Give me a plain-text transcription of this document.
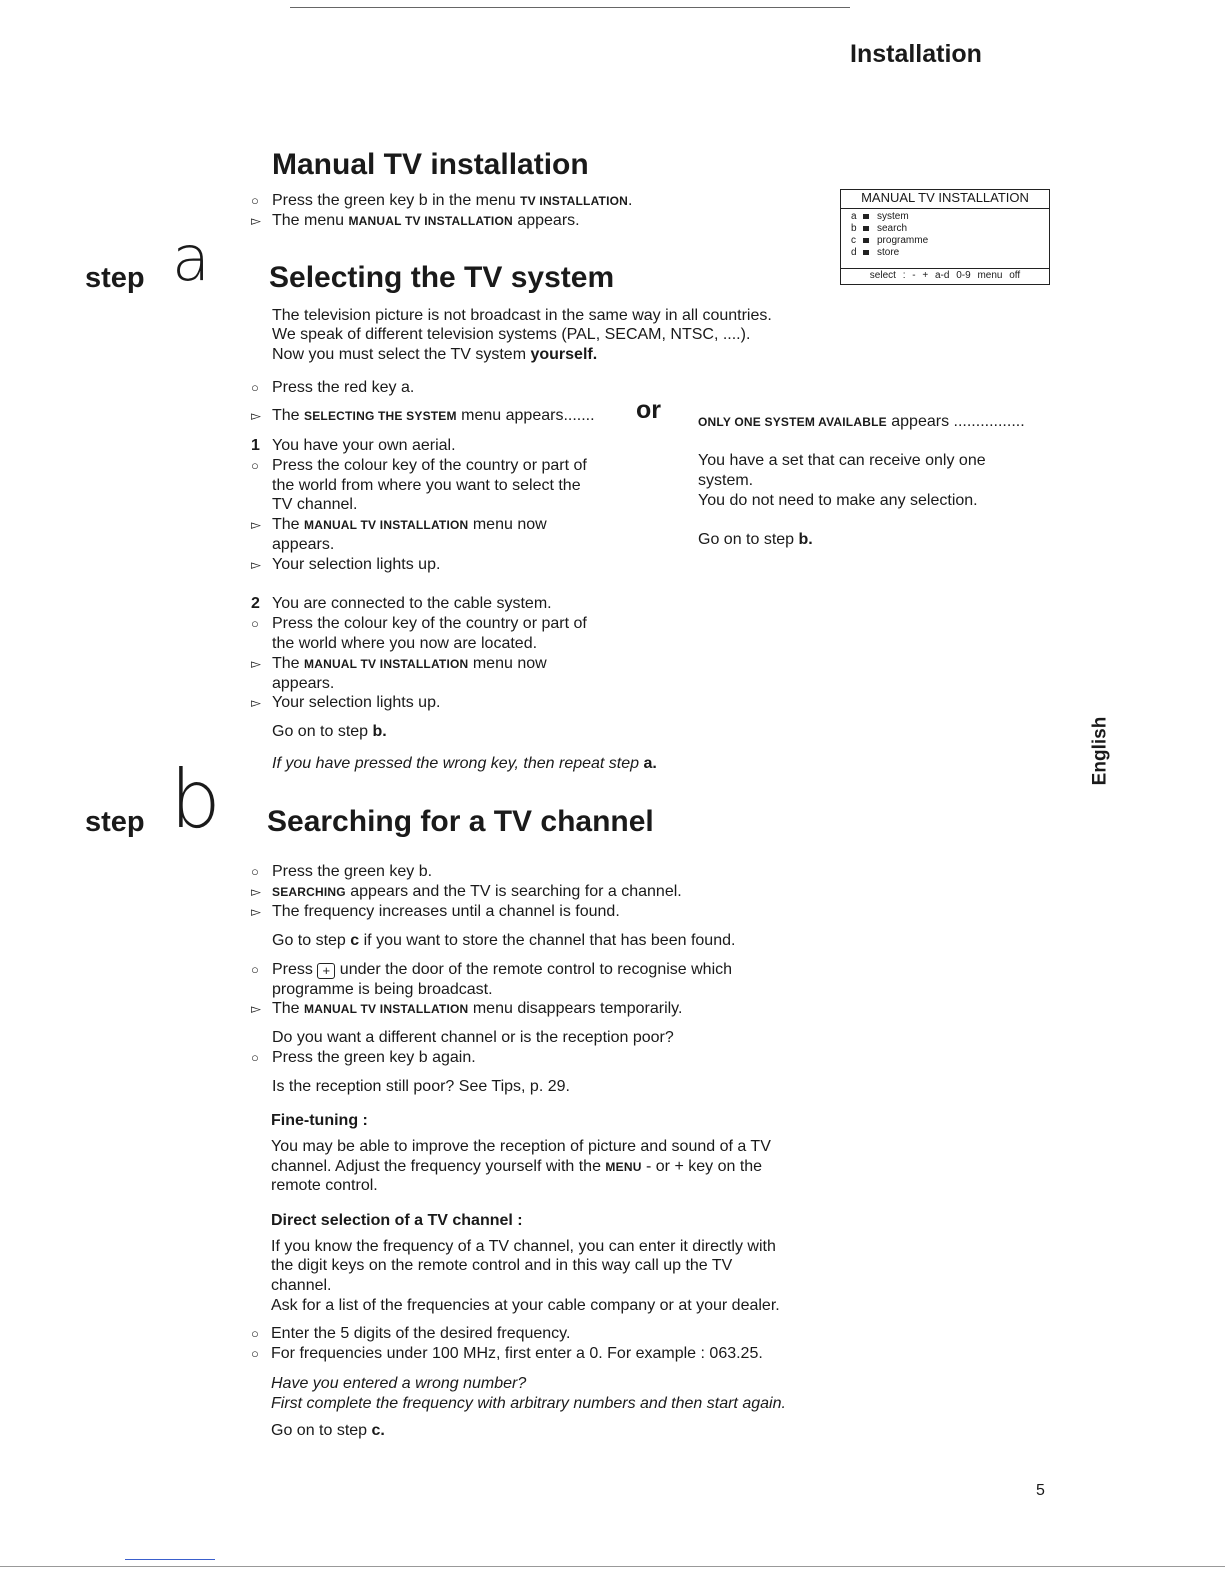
Installation
Manual TV installation
○ Press the green key b in the menu TV INSTALLATION.
▻ The menu MANUAL TV INSTALLATION appears.
MANUAL TV INSTALLATION
a system
b search
c programme
d store
select : - + a-d 0-9 menu off
step a Selecting the TV system
The television picture is not broadcast in the same way in all countries.
We speak of different television systems (PAL, SECAM, NTSC, ....).
Now you must select the TV system yourself.
○ Press the red key a.
▻ The SELECTING THE SYSTEM menu appears....... or	ONLY ONE SYSTEM AVAILABLE appears ................
You have a set that can receive only one
system.
You do not need to make any selection.
Go on to step b.
1 You have your own aerial.
○ Press the colour key of the country or part of
the world from where you want to select the
TV channel.
▻ The MANUAL TV INSTALLATION menu now
appears.
▻ Your selection lights up.
2 You are connected to the cable system.
○ Press the colour key of the country or part of
the world where you now are located.
▻ The MANUAL TV INSTALLATION menu now
appears.
▻ Your selection lights up.
Go on to step b.
If you have pressed the wrong key, then repeat step a.	English
step b Searching for a TV channel
○ Press the green key b.
▻ SEARCHING appears and the TV is searching for a channel.
▻ The frequency increases until a channel is found.
Go to step c if you want to store the channel that has been found.
○ Press + under the door of the remote control to recognise which
programme is being broadcast.
▻ The MANUAL TV INSTALLATION menu disappears temporarily.
Do you want a different channel or is the reception poor?
○ Press the green key b again.
Is the reception still poor? See Tips, p. 29.
Fine-tuning :
You may be able to improve the reception of picture and sound of a TV
channel. Adjust the frequency yourself with the MENU - or + key on the
remote control.
Direct selection of a TV channel :
If you know the frequency of a TV channel, you can enter it directly with
the digit keys on the remote control and in this way call up the TV
channel.
Ask for a list of the frequencies at your cable company or at your dealer.
○ Enter the 5 digits of the desired frequency.
○ For frequencies under 100 MHz, first enter a 0. For example : 063.25.
Have you entered a wrong number?
First complete the frequency with arbitrary numbers and then start again.
Go on to step c.
5
